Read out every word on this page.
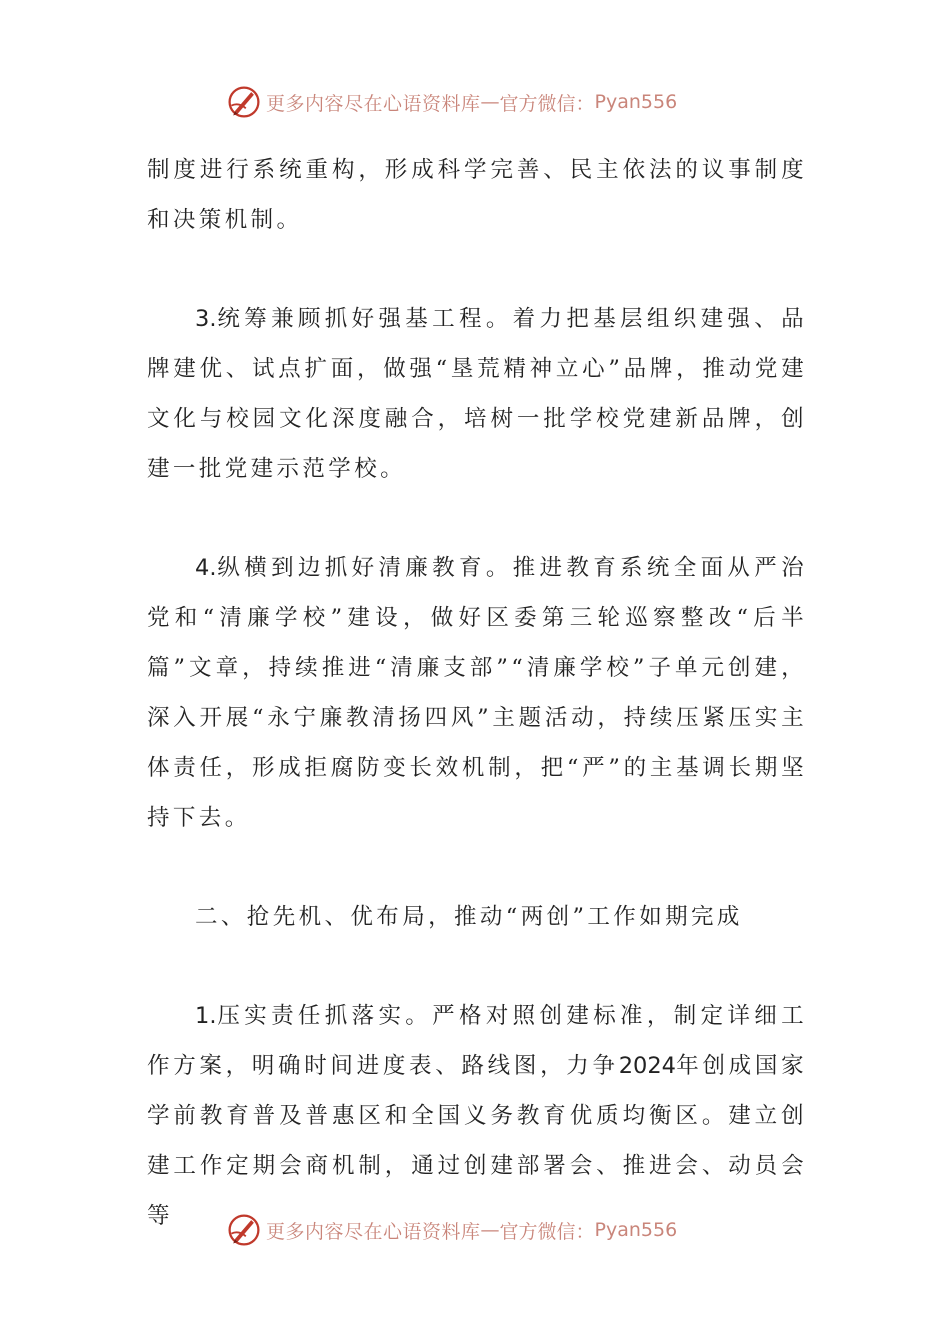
更多内容尽在心语资料库 — 官方微信： Pyan556

制度进行系统重构，形成科学完善、民主依法的议事制度和决策机制。

3.统筹兼顾抓好强基工程。着力把基层组织建强、品牌建优、试点扩面，做强“垦荒精神立心”品牌，推动党建文化与校园文化深度融合，培树一批学校党建新品牌，创建一批党建示范学校。

4.纵横到边抓好清廉教育。推进教育系统全面从严治党和“清廉学校”建设，做好区委第三轮巡察整改“后半篇”文章，持续推进“清廉支部”“清廉学校”子单元创建，深入开展“永宁廉教清扬四风”主题活动，持续压紧压实主体责任，形成拒腐防变长效机制，把“严”的主基调长期坚持下去。

二、抢先机、优布局，推动“两创”工作如期完成

1.压实责任抓落实。严格对照创建标准，制定详细工作方案，明确时间进度表、路线图，力争2024年创成国家学前教育普及普惠区和全国义务教育优质均衡区。建立创建工作定期会商机制，通过创建部署会、推进会、动员会等

更多内容尽在心语资料库 — 官方微信： Pyan556
